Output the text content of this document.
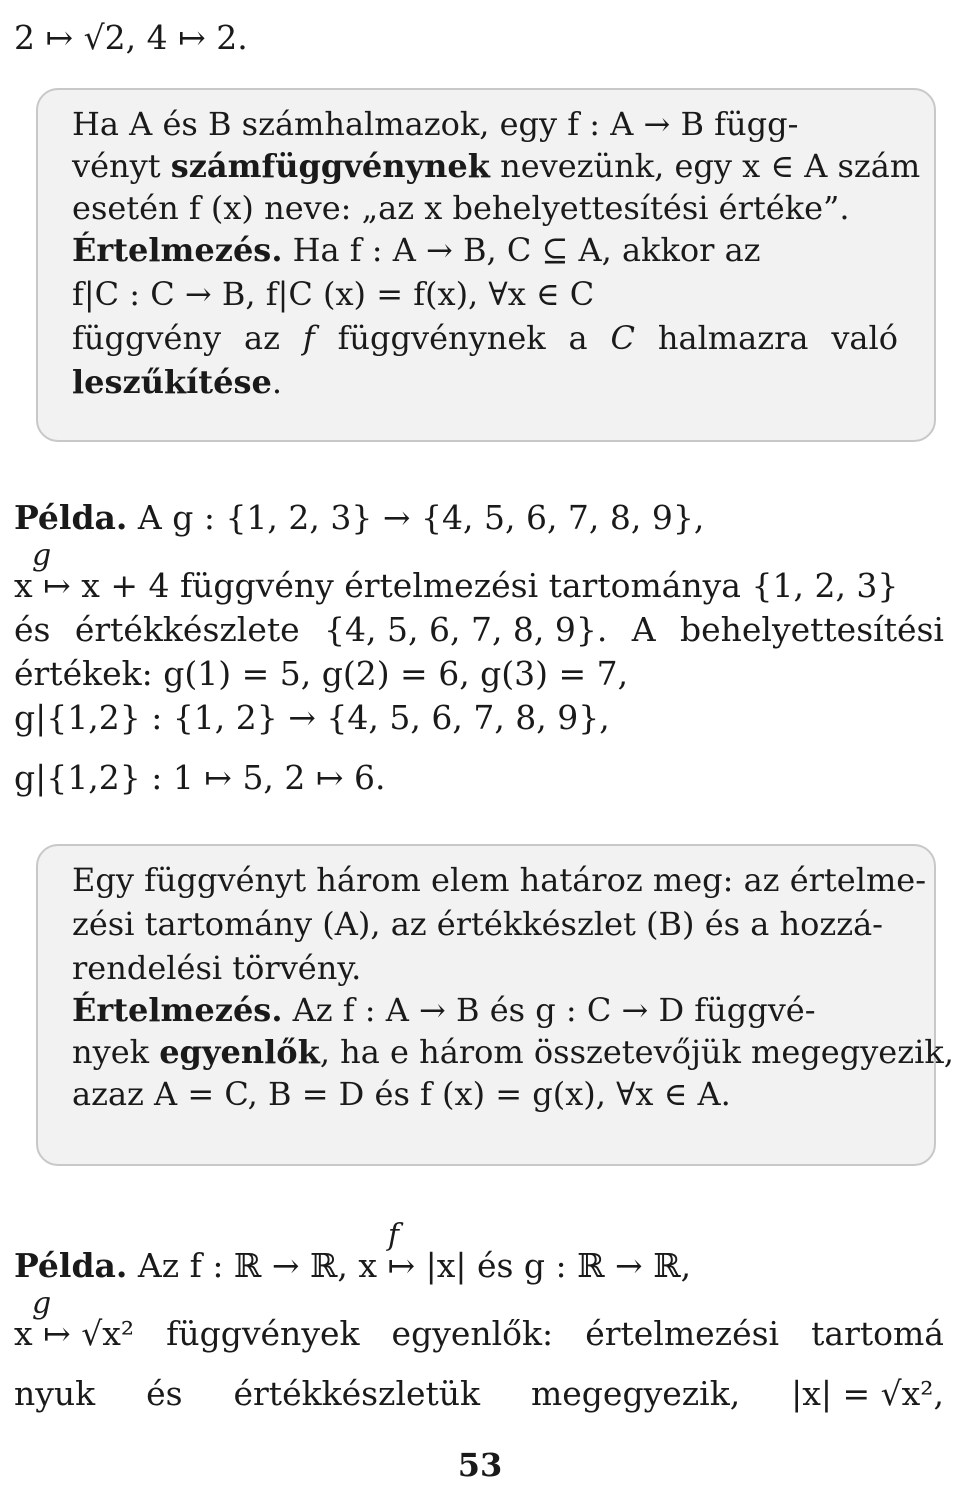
2 ↦ √2, 4 ↦ 2.
Ha A és B számhalmazok, egy f : A → B függ-
vényt számfüggvénynek nevezünk, egy x ∈ A szám
esetén f (x) neve: „az x behelyettesítési értéke”.
Értelmezés. Ha f : A → B, C ⊆ A, akkor az
f|C : C → B, f|C (x) = f(x), ∀x ∈ C
függvény az f függvénynek a C halmazra való
leszűkítése.
Példa. A g : {1, 2, 3} → {4, 5, 6, 7, 8, 9},
g
x ↦ x + 4 függvény értelmezési tartománya {1, 2, 3}
és értékkészlete {4, 5, 6, 7, 8, 9}. A behelyettesítési
értékek: g(1) = 5, g(2) = 6, g(3) = 7,
g|{1,2} : {1, 2} → {4, 5, 6, 7, 8, 9},
g|{1,2} : 1 ↦ 5, 2 ↦ 6.
Egy függvényt három elem határoz meg: az értelme-
zési tartomány (A), az értékkészlet (B) és a hozzá-
rendelési törvény.
Értelmezés. Az f : A → B és g : C → D függvé-
nyek egyenlők, ha e három összetevőjük megegyezik,
azaz A = C, B = D és f (x) = g(x), ∀x ∈ A.
Példa.
f
Az f : ℝ → ℝ, x ↦ |x| és g : ℝ → ℝ,
g
x ↦ √x² függvények egyenlők: értelmezési tartomá
nyuk és értékkészletük megegyezik, |x| = √x²,
53
